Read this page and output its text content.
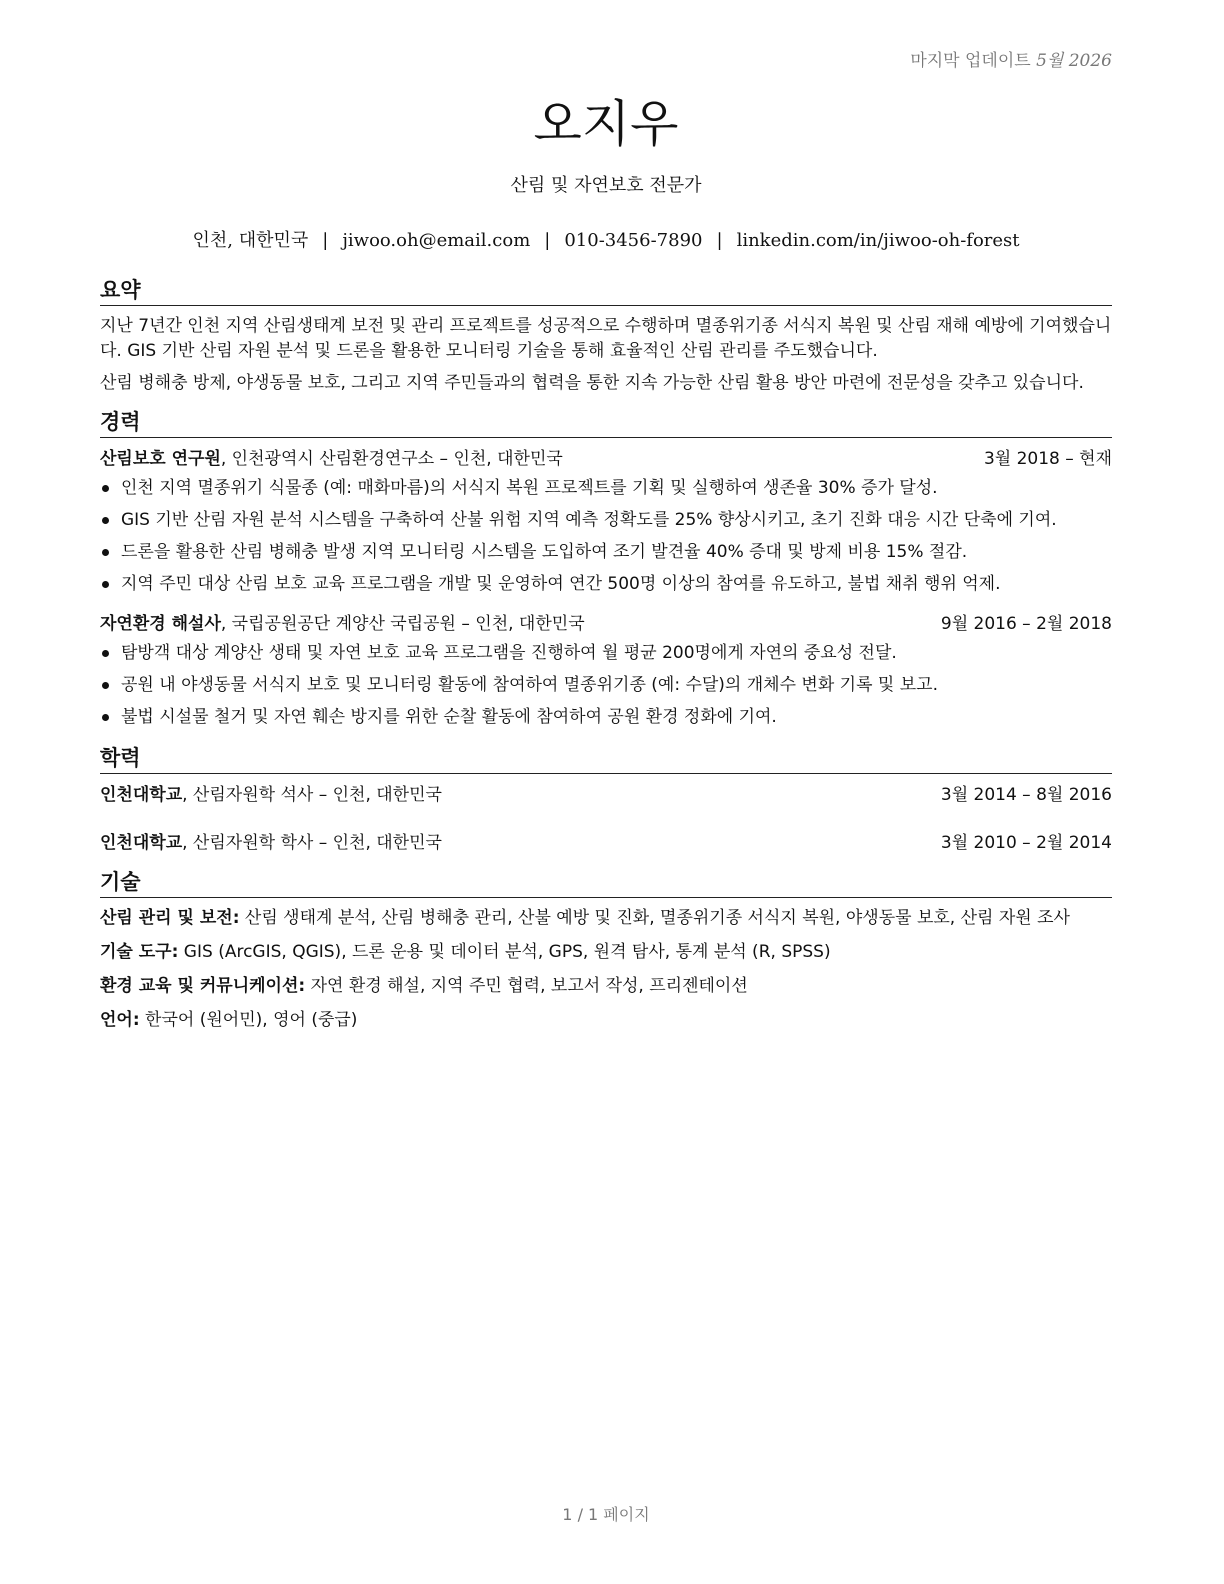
마지막 업데이트 5월 2026
오지우
산림 및 자연보호 전문가
인천, 대한민국 | jiwoo.oh@email.com | 010-3456-7890 | linkedin.com/in/jiwoo-oh-forest
요약

지난 7년간 인천 지역 산림생태계 보전 및 관리 프로젝트를 성공적으로 수행하며 멸종위기종 서식지 복원 및 산림 재해 예방에 기여했습니다. GIS 기반 산림 자원 분석 및 드론을 활용한 모니터링 기술을 통해 효율적인 산림 관리를 주도했습니다.

산림 병해충 방제, 야생동물 보호, 그리고 지역 주민들과의 협력을 통한 지속 가능한 산림 활용 방안 마련에 전문성을 갖추고 있습니다.

경력
산림보호 연구원, 인천광역시 산림환경연구소 – 인천, 대한민국	3월 2018 – 현재
인천 지역 멸종위기 식물종 (예: 매화마름)의 서식지 복원 프로젝트를 기획 및 실행하여 생존율 30% 증가 달성.
GIS 기반 산림 자원 분석 시스템을 구축하여 산불 위험 지역 예측 정확도를 25% 향상시키고, 초기 진화 대응 시간 단축에 기여.
드론을 활용한 산림 병해충 발생 지역 모니터링 시스템을 도입하여 조기 발견율 40% 증대 및 방제 비용 15% 절감.
지역 주민 대상 산림 보호 교육 프로그램을 개발 및 운영하여 연간 500명 이상의 참여를 유도하고, 불법 채취 행위 억제.
자연환경 해설사, 국립공원공단 계양산 국립공원 – 인천, 대한민국	9월 2016 – 2월 2018
탐방객 대상 계양산 생태 및 자연 보호 교육 프로그램을 진행하여 월 평균 200명에게 자연의 중요성 전달.
공원 내 야생동물 서식지 보호 및 모니터링 활동에 참여하여 멸종위기종 (예: 수달)의 개체수 변화 기록 및 보고.
불법 시설물 철거 및 자연 훼손 방지를 위한 순찰 활동에 참여하여 공원 환경 정화에 기여.
학력
인천대학교, 산림자원학 석사 – 인천, 대한민국	3월 2014 – 8월 2016
인천대학교, 산림자원학 학사 – 인천, 대한민국	3월 2010 – 2월 2014
기술

산림 관리 및 보전: 산림 생태계 분석, 산림 병해충 관리, 산불 예방 및 진화, 멸종위기종 서식지 복원, 야생동물 보호, 산림 자원 조사

기술 도구: GIS (ArcGIS, QGIS), 드론 운용 및 데이터 분석, GPS, 원격 탐사, 통계 분석 (R, SPSS)

환경 교육 및 커뮤니케이션: 자연 환경 해설, 지역 주민 협력, 보고서 작성, 프리젠테이션

언어: 한국어 (원어민), 영어 (중급)

1 / 1 페이지
